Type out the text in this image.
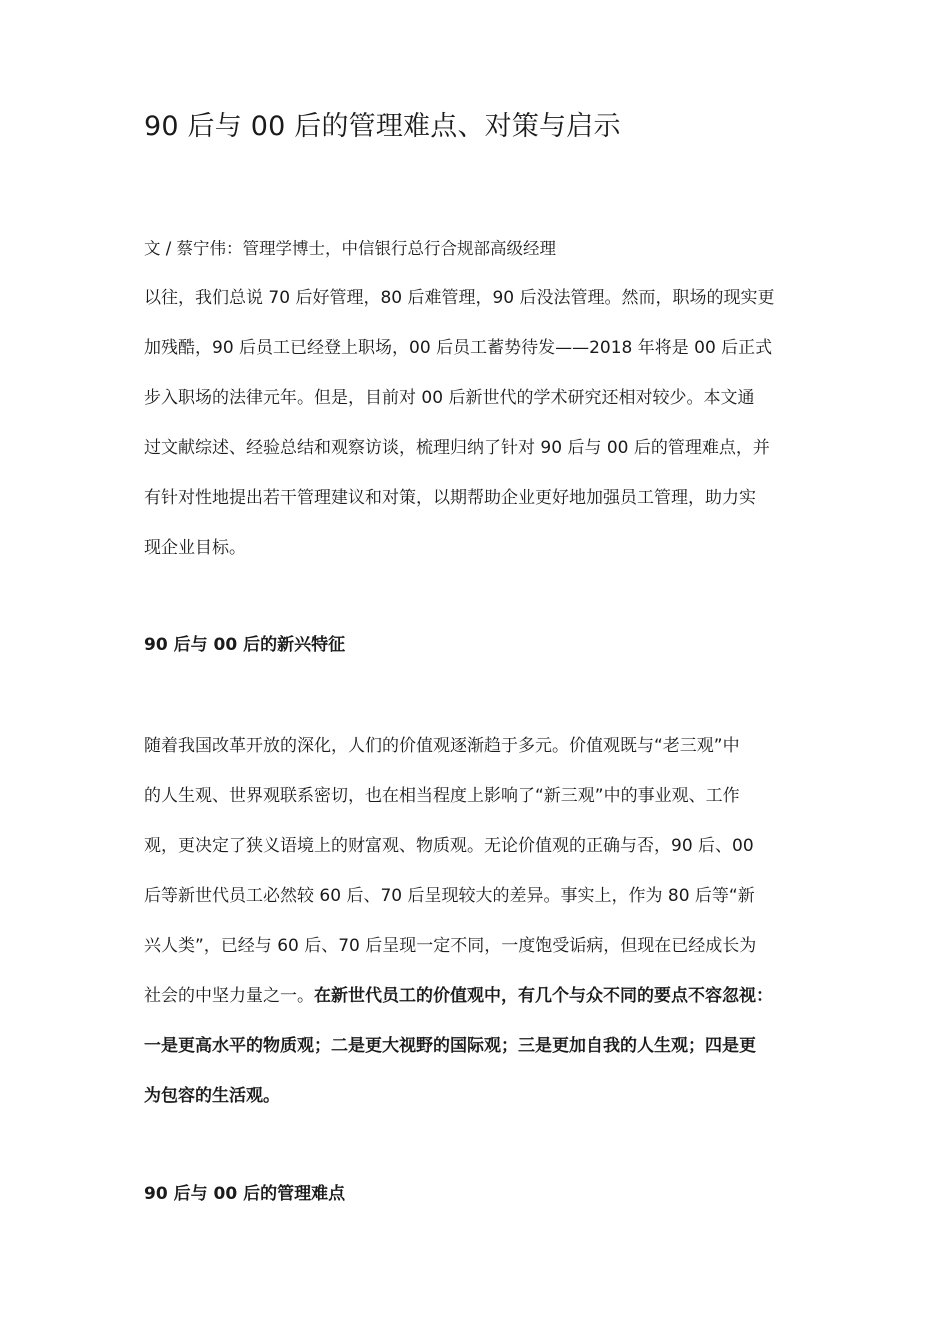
90 后与 00 后的管理难点、对策与启示

文 / 蔡宁伟：管理学博士，中信银行总行合规部高级经理

以往，我们总说 70 后好管理，80 后难管理，90 后没法管理。然而，职场的现实更
加残酷，90 后员工已经登上职场，00 后员工蓄势待发——2018 年将是 00 后正式
步入职场的法律元年。但是，目前对 00 后新世代的学术研究还相对较少。本文通
过文献综述、经验总结和观察访谈，梳理归纳了针对 90 后与 00 后的管理难点，并
有针对性地提出若干管理建议和对策，以期帮助企业更好地加强员工管理，助力实
现企业目标。
90 后与 00 后的新兴特征
随着我国改革开放的深化，人们的价值观逐渐趋于多元。价值观既与“老三观”中
的人生观、世界观联系密切，也在相当程度上影响了“新三观”中的事业观、工作
观，更决定了狭义语境上的财富观、物质观。无论价值观的正确与否，90 后、00
后等新世代员工必然较 60 后、70 后呈现较大的差异。事实上，作为 80 后等“新
兴人类”，已经与 60 后、70 后呈现一定不同，一度饱受诟病，但现在已经成长为
社会的中坚力量之一。在新世代员工的价值观中，有几个与众不同的要点不容忽视：
一是更高水平的物质观；二是更大视野的国际观；三是更加自我的人生观；四是更
为包容的生活观。
90 后与 00 后的管理难点
